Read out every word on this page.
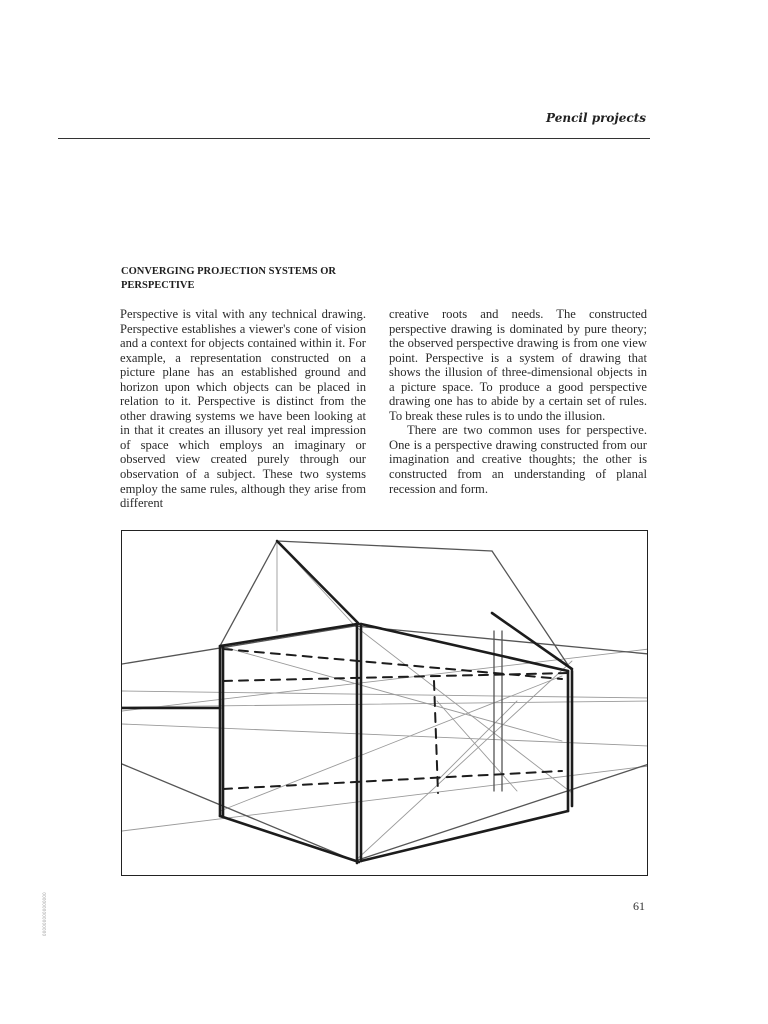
Pencil projects
CONVERGING PROJECTION SYSTEMS OR PERSPECTIVE

Perspective is vital with any technical drawing. Perspective establishes a viewer's cone of vision and a context for objects contained within it. For example, a representation constructed on a picture plane has an established ground and horizon upon which objects can be placed in relation to it. Perspective is distinct from the other drawing systems we have been looking at in that it creates an illusory yet real impression of space which employs an imaginary or observed view created purely through our observation of a subject. These two systems employ the same rules, although they arise from different

creative roots and needs. The constructed perspective drawing is dominated by pure theory; the observed perspective drawing is from one view point. Perspective is a system of drawing that shows the illusion of three-dimensional objects in a picture space. To produce a good perspective drawing one has to abide by a certain set of rules. To break these rules is to undo the illusion.

There are two common uses for perspective. One is a perspective drawing constructed from our imagination and creative thoughts; the other is constructed from an understanding of planal recession and form.

61
0000000000000000
